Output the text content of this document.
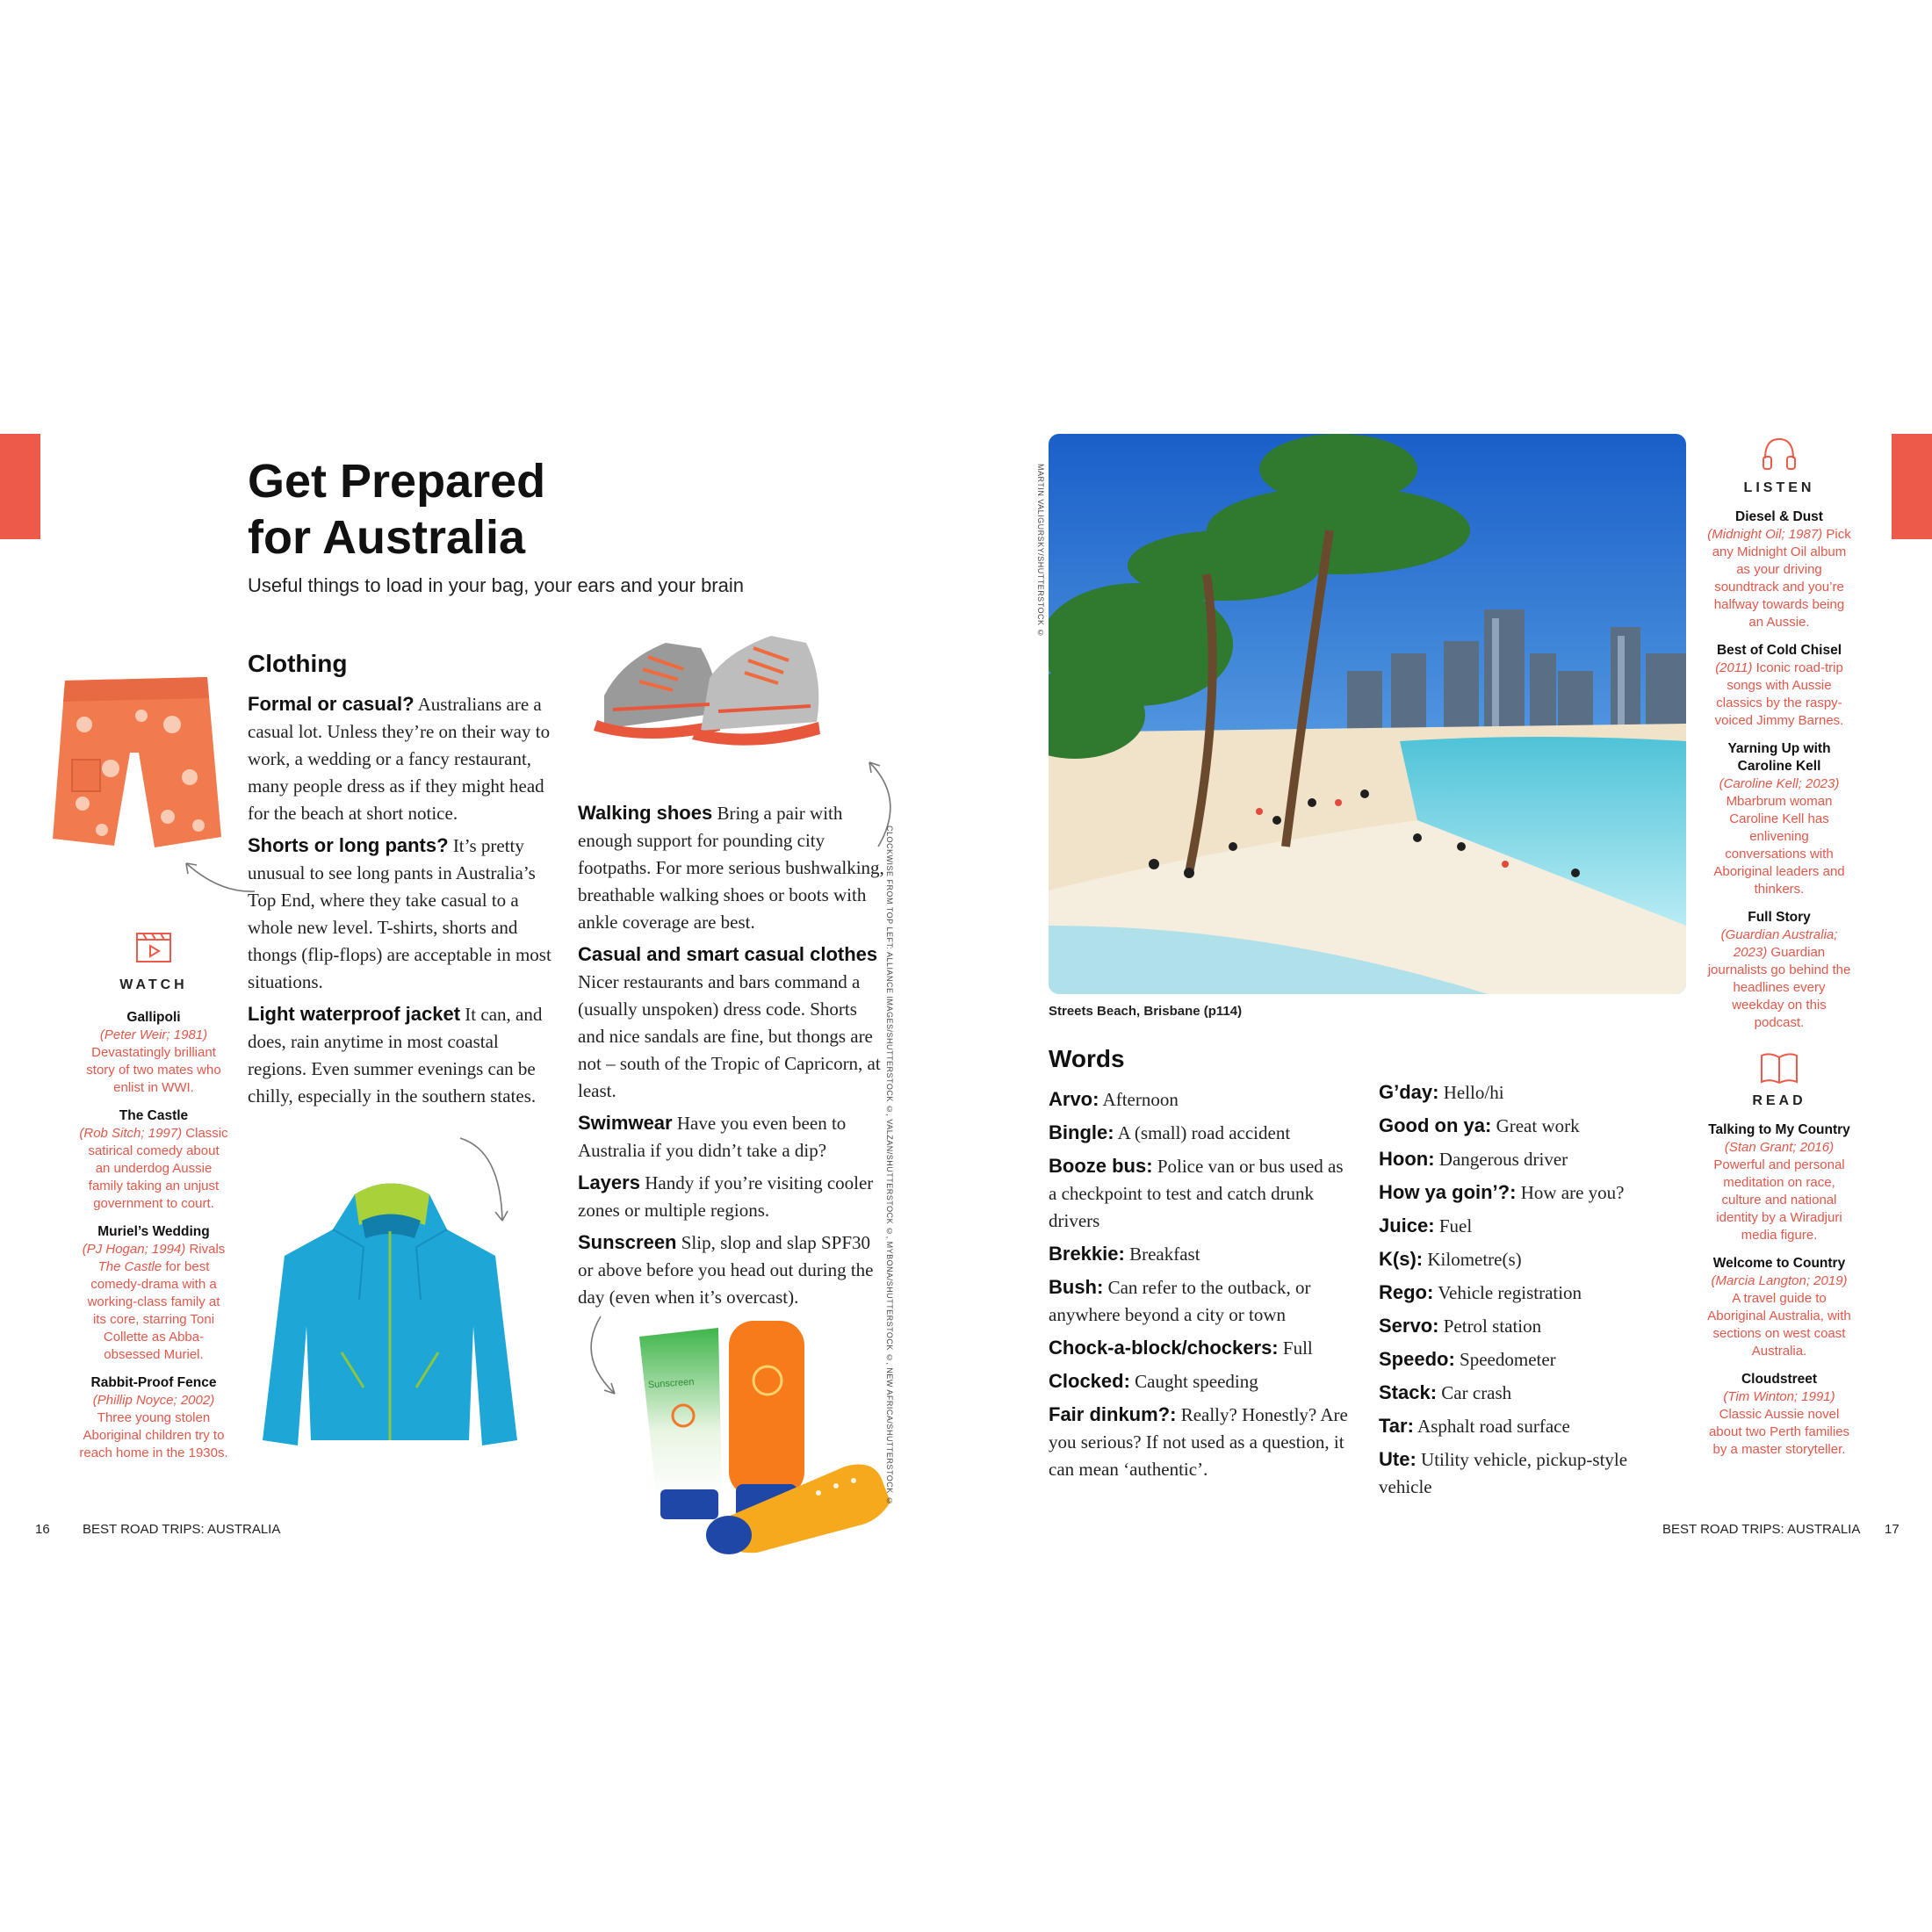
Get Prepared
for Australia
Useful things to load in your bag, your ears and your brain
Clothing
WATCH
Gallipoli
(Peter Weir; 1981) Devastatingly brilliant story of two mates who enlist in WWI.
The Castle
(Rob Sitch; 1997) Classic satirical comedy about an underdog Aussie family taking an unjust government to court.
Muriel’s Wedding
(PJ Hogan; 1994) Rivals The Castle for best comedy-drama with a working-class family at its core, starring Toni Collette as Abba-obsessed Muriel.
Rabbit-Proof Fence
(Phillip Noyce; 2002) Three young stolen Aboriginal children try to reach home in the 1930s.

Formal or casual? Australians are a casual lot. Unless they’re on their way to work, a wedding or a fancy restaurant, many people dress as if they might head for the beach at short notice.

Shorts or long pants? It’s pretty unusual to see long pants in Australia’s Top End, where they take casual to a whole new level. T-shirts, shorts and thongs (flip-flops) are acceptable in most situations.

Light waterproof jacket It can, and does, rain anytime in most coastal regions. Even summer evenings can be chilly, especially in the southern states.

Walking shoes Bring a pair with enough support for pounding city footpaths. For more serious bushwalking, breathable walking shoes or boots with ankle coverage are best.

Casual and smart casual clothes Nicer restaurants and bars command a (usually unspoken) dress code. Shorts and nice sandals are fine, but thongs are not – south of the Tropic of Capricorn, at least.

Swimwear Have you even been to Australia if you didn’t take a dip?

Layers Handy if you’re visiting cooler zones or multiple regions.

Sunscreen Slip, slop and slap SPF30 or above before you head out during the day (even when it’s overcast).

Sunscreen	CLOCKWISE FROM TOP LEFT: ALLIANCE IMAGES/SHUTTERSTOCK ©, VALZAN/SHUTTERSTOCK ©, MYBONA/SHUTTERSTOCK ©, NEW AFRICA/SHUTTERSTOCK ©
16 BEST ROAD TRIPS: AUSTRALIA
MARTIN VALIGURSKY/SHUTTERSTOCK ©
Streets Beach, Brisbane (p114)
LISTEN
Diesel & Dust
(Midnight Oil; 1987) Pick any Midnight Oil album as your driving soundtrack and you’re halfway towards being an Aussie.
Best of Cold Chisel
(2011) Iconic road-trip songs with Aussie classics by the raspy-voiced Jimmy Barnes.
Yarning Up with Caroline Kell
(Caroline Kell; 2023) Mbarbrum woman Caroline Kell has enlivening conversations with Aboriginal leaders and thinkers.
Full Story
(Guardian Australia; 2023) Guardian journalists go behind the headlines every weekday on this podcast.
READ
Talking to My Country
(Stan Grant; 2016) Powerful and personal meditation on race, culture and national identity by a Wiradjuri media figure.
Welcome to Country
(Marcia Langton; 2019) A travel guide to Aboriginal Australia, with sections on west coast Australia.
Cloudstreet
(Tim Winton; 1991) Classic Aussie novel about two Perth families by a master storyteller.
Words

Arvo: Afternoon

Bingle: A (small) road accident

Booze bus: Police van or bus used as a checkpoint to test and catch drunk drivers

Brekkie: Breakfast

Bush: Can refer to the outback, or anywhere beyond a city or town

Chock-a-block/chockers: Full

Clocked: Caught speeding

Fair dinkum?: Really? Honestly? Are you serious? If not used as a question, it can mean ‘authentic’.

G’day: Hello/hi

Good on ya: Great work

Hoon: Dangerous driver

How ya goin’?: How are you?

Juice: Fuel

K(s): Kilometre(s)

Rego: Vehicle registration

Servo: Petrol station

Speedo: Speedometer

Stack: Car crash

Tar: Asphalt road surface

Ute: Utility vehicle, pickup-style vehicle

BEST ROAD TRIPS: AUSTRALIA 17
